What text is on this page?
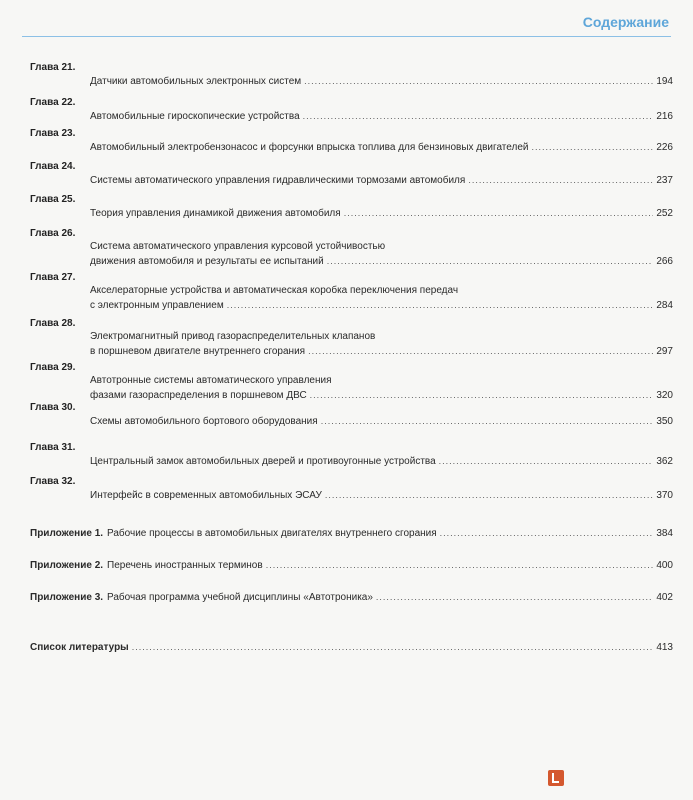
Содержание
Глава 21.
Датчики автомобильных электронных систем .....	194
Глава 22.
Автомобильные гироскопические устройства .....	216
Глава 23.
Автомобильный электробензонасос и форсунки впрыска топлива для бензиновых двигателей .....	226
Глава 24.
Системы автоматического управления гидравлическими тормозами автомобиля .....	237
Глава 25.
Теория управления динамикой движения автомобиля .....	252
Глава 26.
Система автоматического управления курсовой устойчивостью
движения автомобиля и результаты ее испытаний .....	266
Глава 27.
Акселераторные устройства и автоматическая коробка переключения передач
с электронным управлением .....	284
Глава 28.
Электромагнитный привод газораспределительных клапанов
в поршневом двигателе внутреннего сгорания .....	297
Глава 29.
Автотронные системы автоматического управления
фазами газораспределения в поршневом ДВС .....	320
Глава 30.
Схемы автомобильного бортового оборудования .....	350
Глава 31.
Центральный замок автомобильных дверей и противоугонные устройства .....	362
Глава 32.
Интерфейс в современных автомобильных ЭСАУ .....	370
Приложение 1. Рабочие процессы в автомобильных двигателях внутреннего сгорания .....	384
Приложение 2. Перечень иностранных терминов .....	400
Приложение 3. Рабочая программа учебной дисциплины «Автотроника» .....	402
Список литературы .....	413
